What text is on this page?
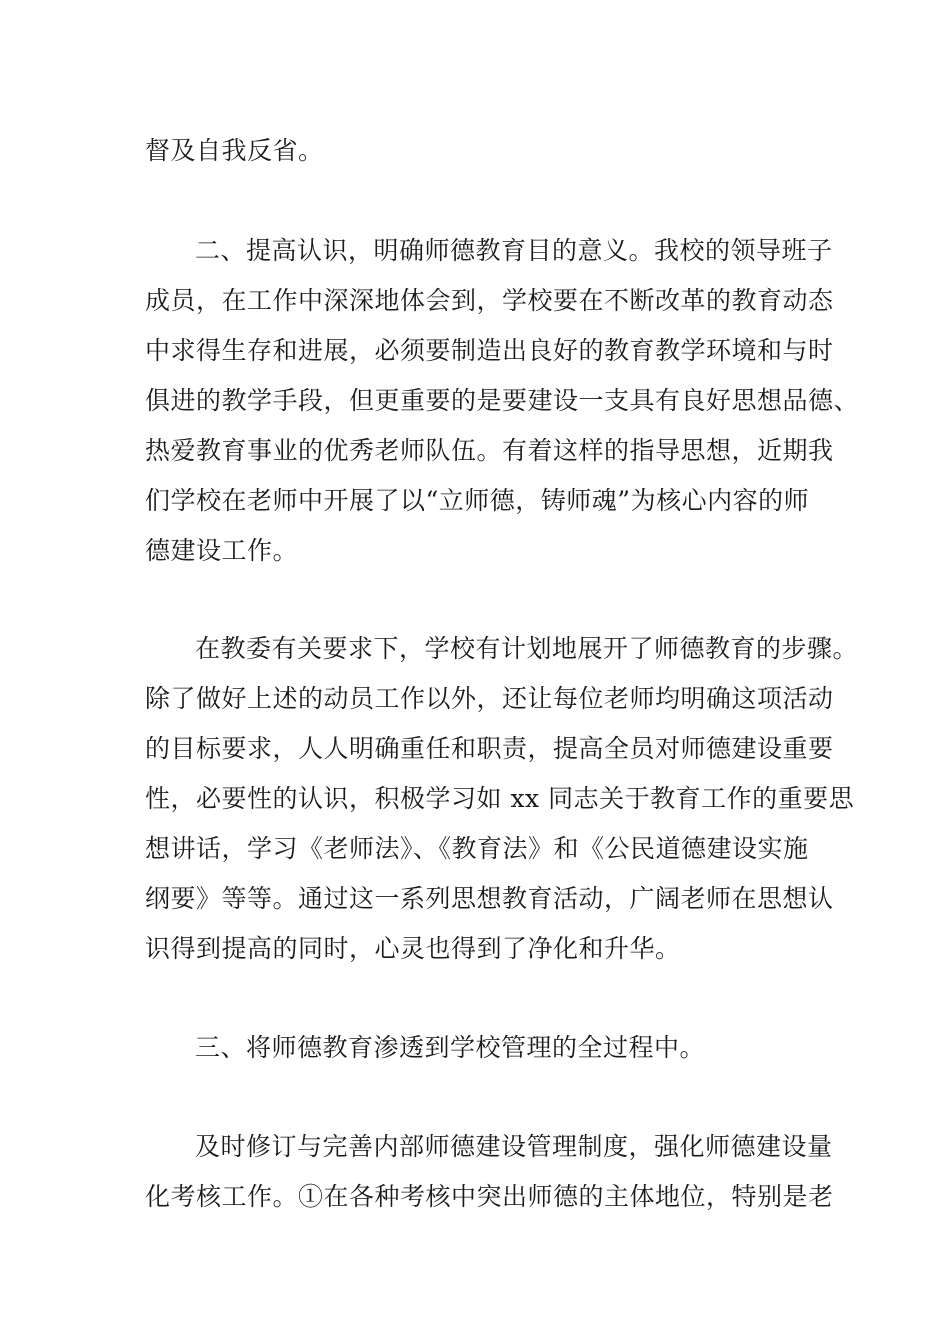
督及自我反省。
二、提高认识，明确师德教育目的意义。我校的领导班子
成员，在工作中深深地体会到，学校要在不断改革的教育动态
中求得生存和进展，必须要制造出良好的教育教学环境和与时
俱进的教学手段，但更重要的是要建设一支具有良好思想品德、
热爱教育事业的优秀老师队伍。有着这样的指导思想，近期我
们学校在老师中开展了以“立师德，铸师魂”为核心内容的师
德建设工作。
在教委有关要求下，学校有计划地展开了师德教育的步骤。
除了做好上述的动员工作以外，还让每位老师均明确这项活动
的目标要求，人人明确重任和职责，提高全员对师德建设重要
性，必要性的认识，积极学习如 xx 同志关于教育工作的重要思
想讲话，学习《老师法》、《教育法》和《公民道德建设实施
纲要》等等。通过这一系列思想教育活动，广阔老师在思想认
识得到提高的同时，心灵也得到了净化和升华。
三、将师德教育渗透到学校管理的全过程中。
及时修订与完善内部师德建设管理制度，强化师德建设量
化考核工作。①在各种考核中突出师德的主体地位，特别是老
